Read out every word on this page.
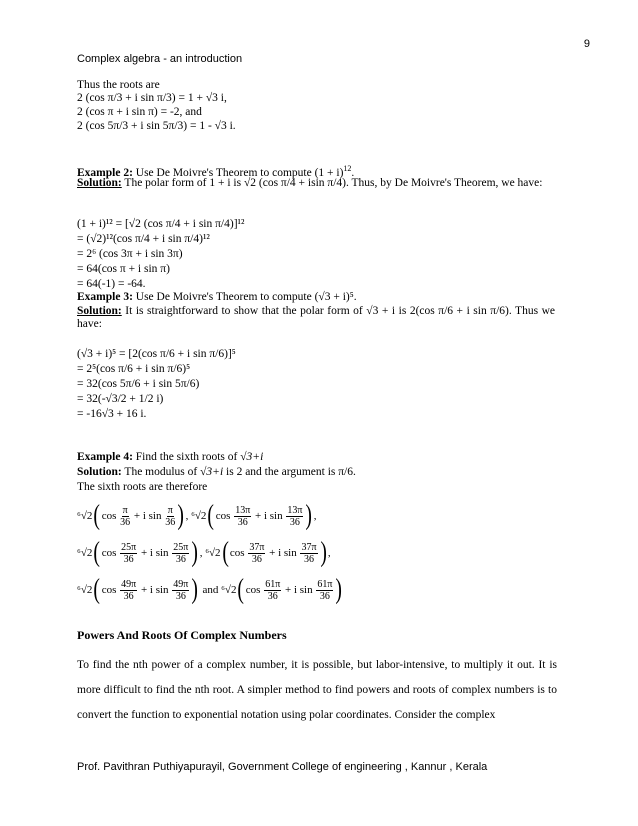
9
Complex algebra - an introduction
Thus the roots are
2 (cos π/3 + i sin π/3) = 1 + √3 i,
2 (cos π + i sin π) = -2, and
2 (cos 5π/3 + i sin 5π/3) = 1 - √3 i.
Example 2: Use De Moivre's Theorem to compute $(1 + i)^{12}$.
Solution: The polar form of 1 + i is √2 (cos π/4 + isin π/4). Thus, by De Moivre's Theorem, we have:
(1 + i)¹² = [√2 (cos π/4 + i sin π/4)]¹²
= (√2)¹²(cos π/4 + i sin π/4)¹²
= 2⁶ (cos 3π + i sin 3π)
= 64(cos π + i sin π)
= 64(-1) = -64.
Example 3: Use De Moivre's Theorem to compute (√3 + i)⁵.
Solution: It is straightforward to show that the polar form of √3 + i is 2(cos π/6 + i sin π/6). Thus we have:
(√3 + i)⁵ = [2(cos π/6 + i sin π/6)]⁵
= 2⁵(cos π/6 + i sin π/6)⁵
= 32(cos 5π/6 + i sin 5π/6)
= 32(-√3/2 + 1/2 i)
= -16√3 + 16 i.
Example 4: Find the sixth roots of √3+i
Solution: The modulus of √3+i is 2 and the argument is π/6.
The sixth roots are therefore
⁶√2 ( cos
$\frac{\pi}{36}$
+ i sin
$\frac{\pi}{36}$ ) , ⁶√2 ( cos
$\frac{13\pi}{36}$
+ i sin
$\frac{13\pi}{36}$ ) ,
⁶√2 ( cos
$\frac{25\pi}{36}$
+ i sin
$\frac{25\pi}{36}$ ) , ⁶√2 ( cos
$\frac{37\pi}{36}$
+ i sin
$\frac{37\pi}{36}$ ) ,
⁶√2 ( cos
$\frac{49\pi}{36}$
+ i sin
$\frac{49\pi}{36}$ )
and
⁶√2 ( cos
$\frac{61\pi}{36}$
+ i sin
$\frac{61\pi}{36}$ )
Powers And Roots Of Complex Numbers
To find the nth power of a complex number, it is possible, but labor-intensive, to multiply it out. It is more difficult to find the nth root. A simpler method to find powers and roots of complex numbers is to convert the function to exponential notation using polar coordinates. Consider the complex
Prof. Pavithran Puthiyapurayil, Government College of engineering , Kannur , Kerala
